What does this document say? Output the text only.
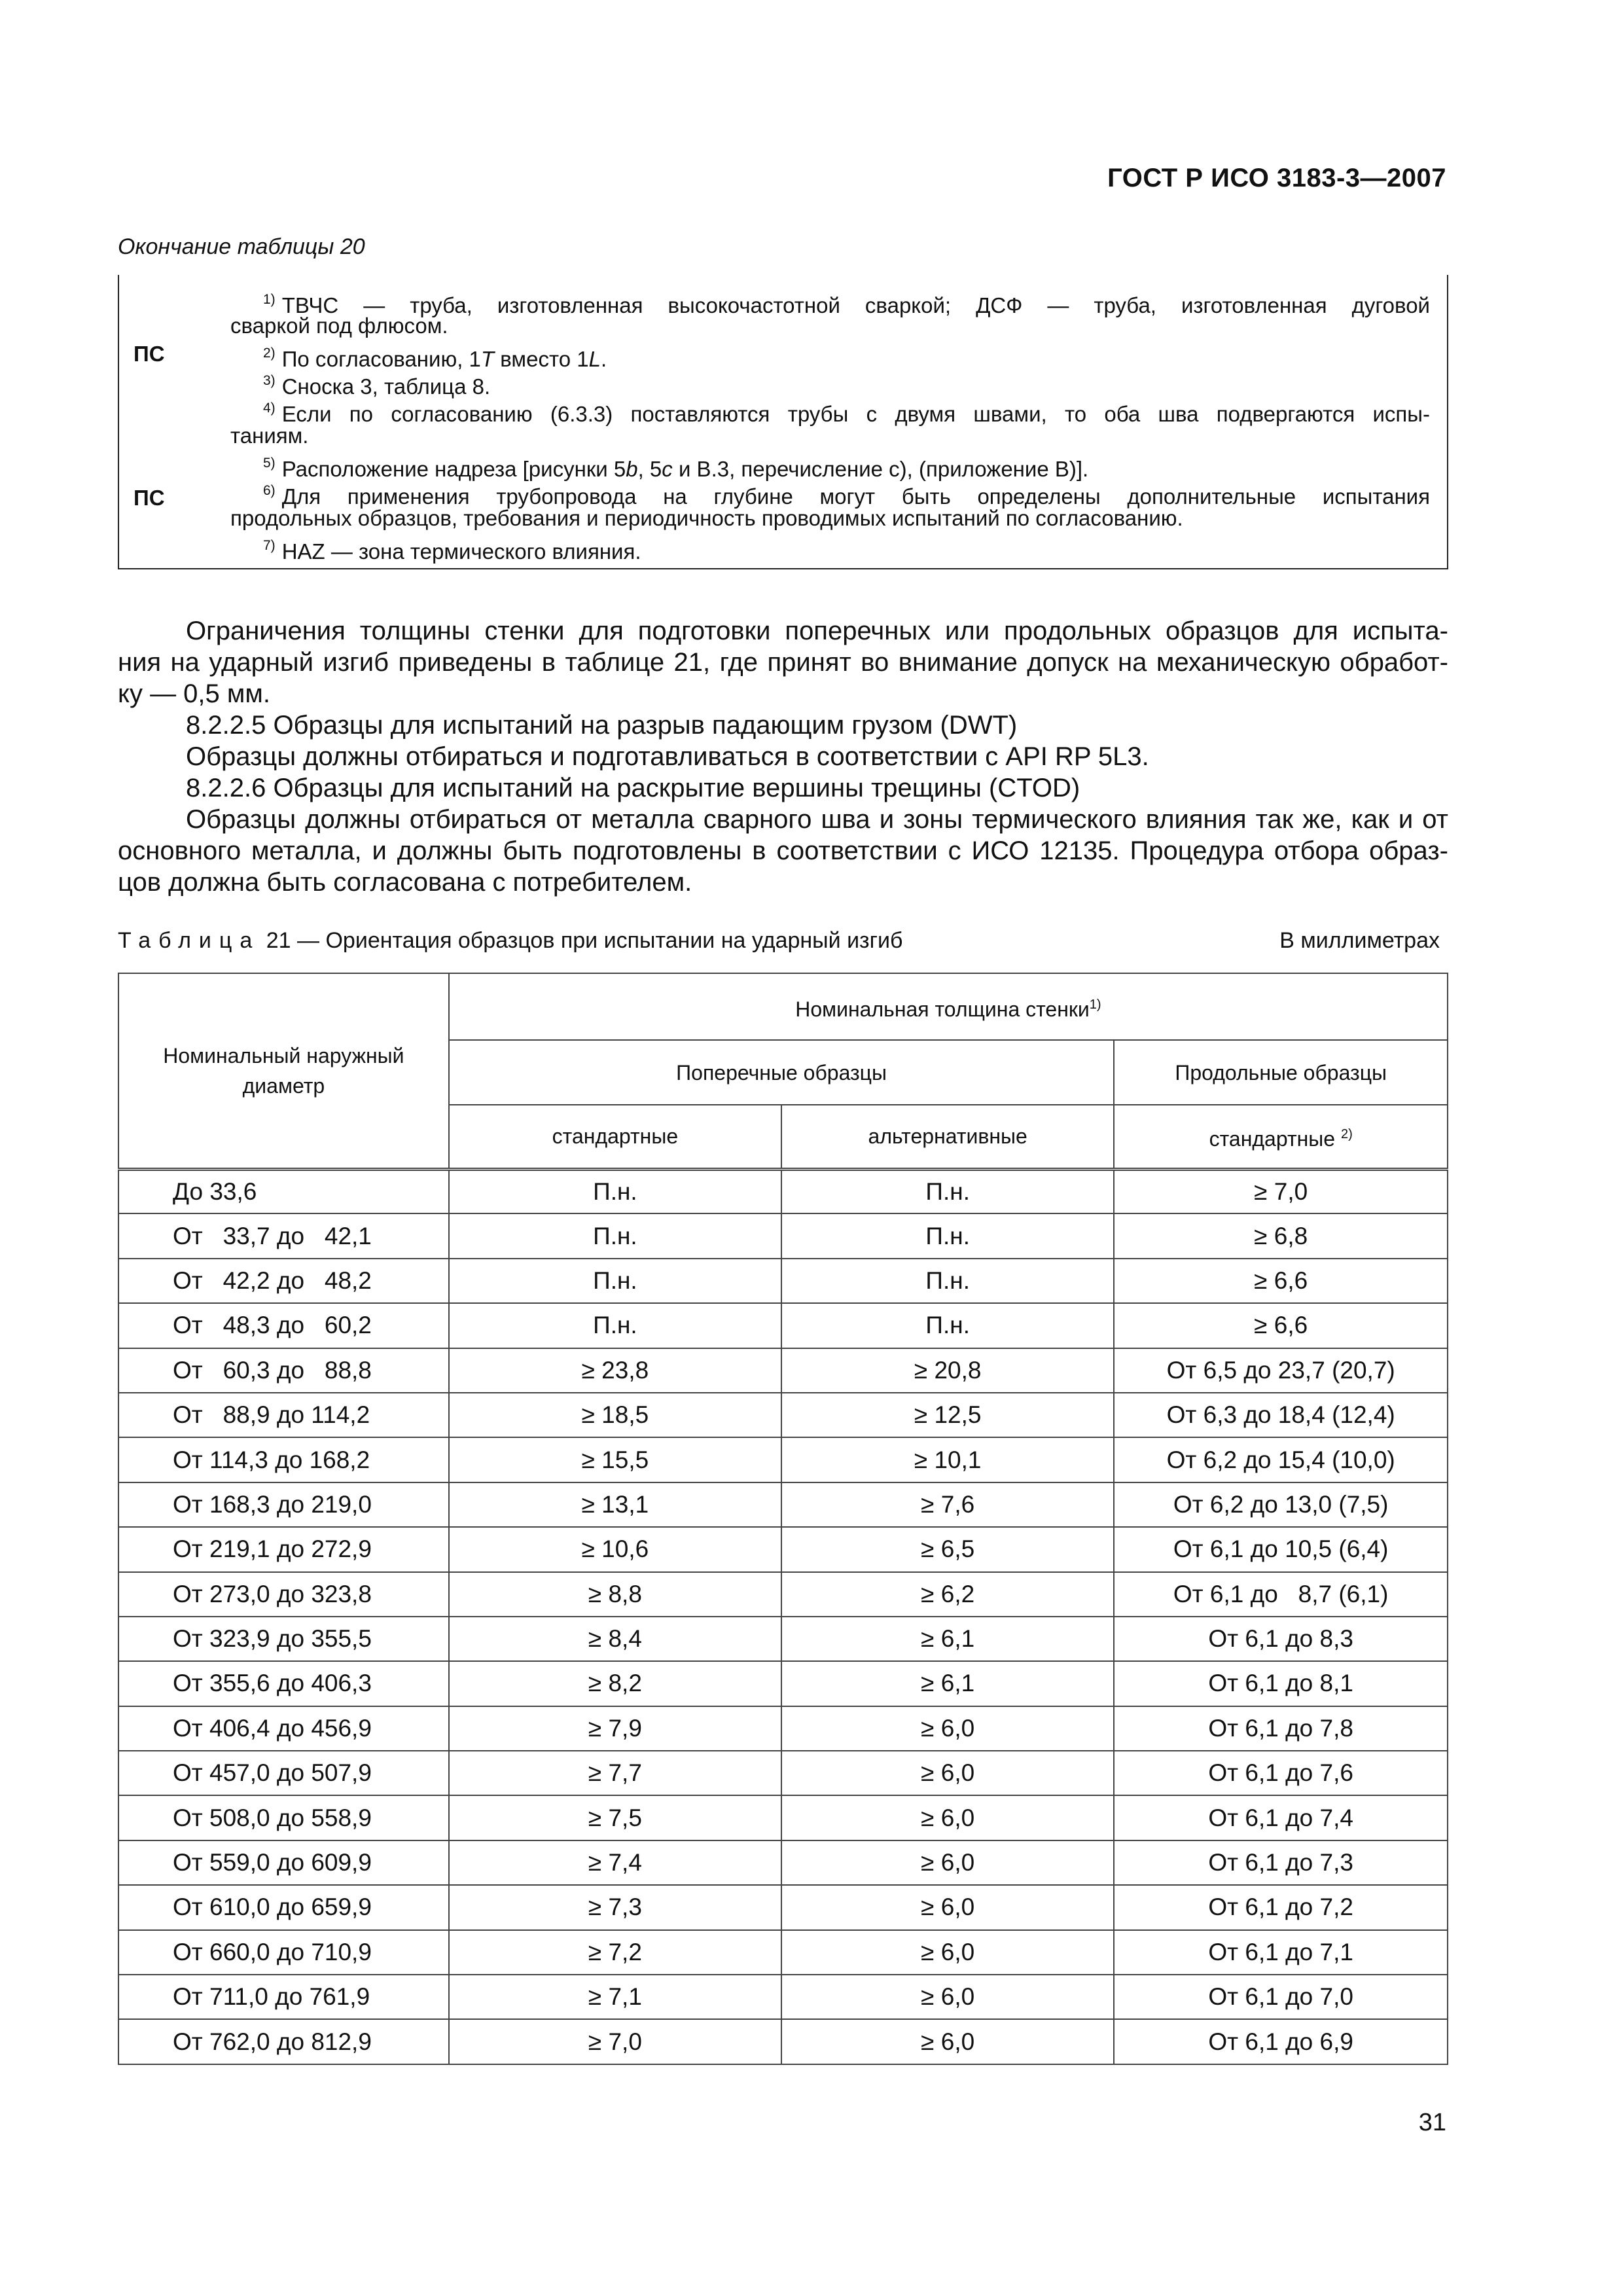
ГОСТ Р ИСО 3183-3—2007
Окончание таблицы 20
$^{1)}$ ТВЧС — труба, изготовленная высокочастотной сваркой; ДСФ — труба, изготовленная дуговой
сваркой под флюсом.
ПС	$^{2)}$ По согласованию, 1T вместо 1L.
$^{3)}$ Сноска 3, таблица 8.
$^{4)}$ Если по согласованию (6.3.3) поставляются трубы с двумя швами, то оба шва подвергаются испы-
таниям.
$^{5)}$ Расположение надреза [рисунки 5b, 5c и В.3, перечисление c), (приложение В)].
ПС	$^{6)}$ Для применения трубопровода на глубине могут быть определены дополнительные испытания
продольных образцов, требования и периодичность проводимых испытаний по согласованию.
$^{7)}$ HAZ — зона термического влияния.
Ограничения толщины стенки для подготовки поперечных или продольных образцов для испыта-
ния на ударный изгиб приведены в таблице 21, где принят во внимание допуск на механическую обработ-
ку — 0,5 мм.
8.2.2.5 Образцы для испытаний на разрыв падающим грузом (DWT)
Образцы должны отбираться и подготавливаться в соответствии с API RP 5L3.
8.2.2.6 Образцы для испытаний на раскрытие вершины трещины (CTOD)
Образцы должны отбираться от металла сварного шва и зоны термического влияния так же, как и от
основного металла, и должны быть подготовлены в соответствии с ИСО 12135. Процедура отбора образ-
цов должна быть согласована с потребителем.
Таблица 21 — Ориентация образцов при испытании на ударный изгиб	В миллиметрах
Номинальный наружный диаметр	Номинальная толщина стенки$^{1)}$
	Поперечные образцы		Продольные образцы
	стандартные	альтернативные	стандартные $^{2)}$
До 33,6	П.н.	П.н.	≥ 7,0
От   33,7 до   42,1	П.н.	П.н.	≥ 6,8
От   42,2 до   48,2	П.н.	П.н.	≥ 6,6
От   48,3 до   60,2	П.н.	П.н.	≥ 6,6
От   60,3 до   88,8	≥ 23,8	≥ 20,8	От 6,5 до 23,7 (20,7)
От   88,9 до 114,2	≥ 18,5	≥ 12,5	От 6,3 до 18,4 (12,4)
От 114,3 до 168,2	≥ 15,5	≥ 10,1	От 6,2 до 15,4 (10,0)
От 168,3 до 219,0	≥ 13,1	≥ 7,6	От 6,2 до 13,0 (7,5)
От 219,1 до 272,9	≥ 10,6	≥ 6,5	От 6,1 до 10,5 (6,4)
От 273,0 до 323,8	≥ 8,8	≥ 6,2	От 6,1 до   8,7 (6,1)
От 323,9 до 355,5	≥ 8,4	≥ 6,1	От 6,1 до 8,3
От 355,6 до 406,3	≥ 8,2	≥ 6,1	От 6,1 до 8,1
От 406,4 до 456,9	≥ 7,9	≥ 6,0	От 6,1 до 7,8
От 457,0 до 507,9	≥ 7,7	≥ 6,0	От 6,1 до 7,6
От 508,0 до 558,9	≥ 7,5	≥ 6,0	От 6,1 до 7,4
От 559,0 до 609,9	≥ 7,4	≥ 6,0	От 6,1 до 7,3
От 610,0 до 659,9	≥ 7,3	≥ 6,0	От 6,1 до 7,2
От 660,0 до 710,9	≥ 7,2	≥ 6,0	От 6,1 до 7,1
От 711,0 до 761,9	≥ 7,1	≥ 6,0	От 6,1 до 7,0
От 762,0 до 812,9	≥ 7,0	≥ 6,0	От 6,1 до 6,9
31
